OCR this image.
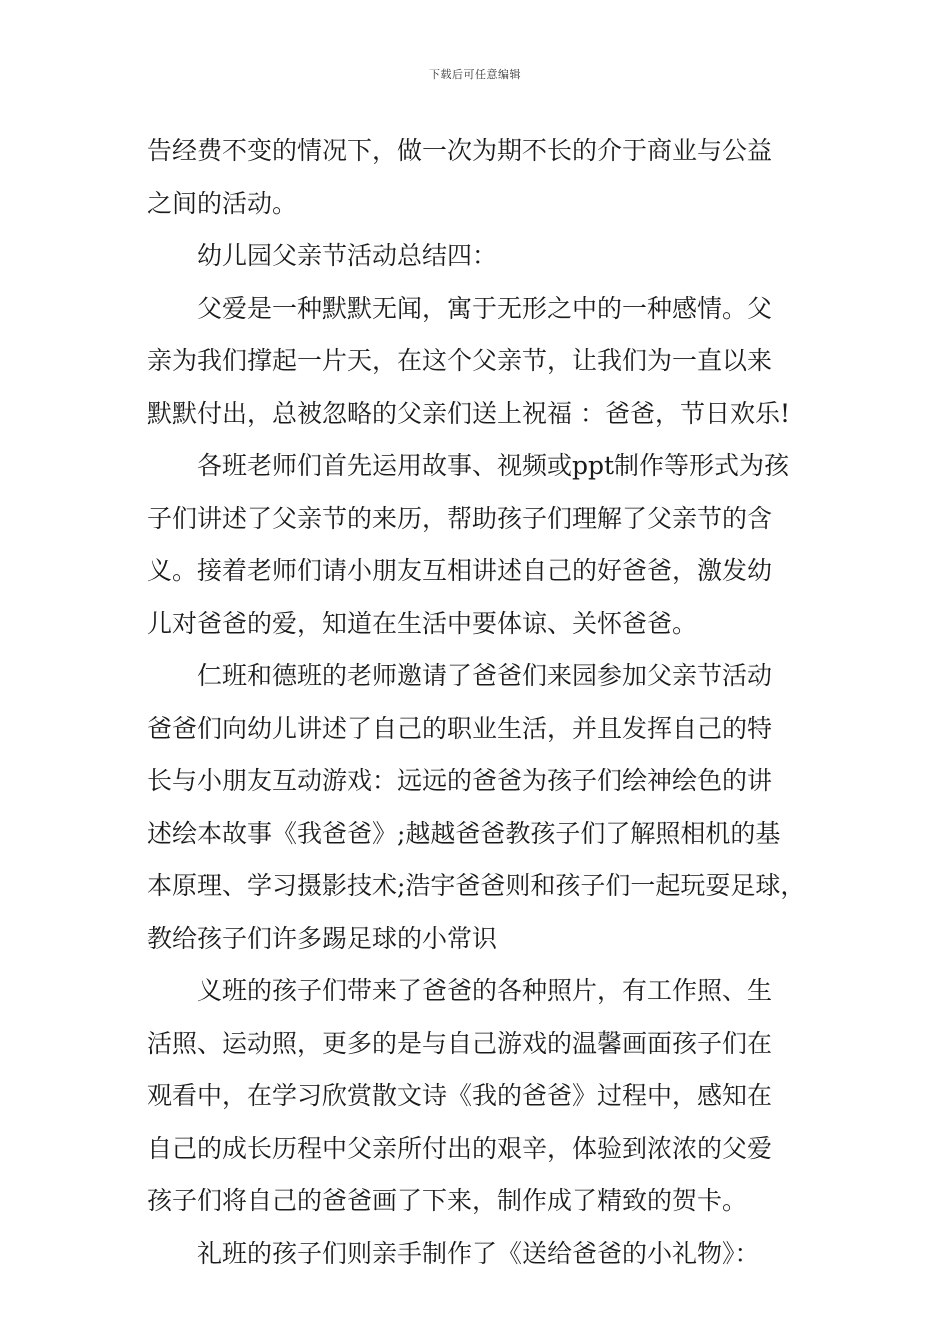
下载后可任意编辑
告经费不变的情况下，做一次为期不长的介于商业与公益
之间的活动。
幼儿园父亲节活动总结四：
父爱是一种默默无闻，寓于无形之中的一种感情。父
亲为我们撑起一片天，在这个父亲节，让我们为一直以来
默默付出，总被忽略的父亲们送上祝福 ：爸爸，节日欢乐!
各班老师们首先运用故事、视频或ppt制作等形式为孩
子们讲述了父亲节的来历，帮助孩子们理解了父亲节的含
义。接着老师们请小朋友互相讲述自己的好爸爸，激发幼
儿对爸爸的爱，知道在生活中要体谅、关怀爸爸。
仁班和德班的老师邀请了爸爸们来园参加父亲节活动
爸爸们向幼儿讲述了自己的职业生活，并且发挥自己的特
长与小朋友互动游戏：远远的爸爸为孩子们绘神绘色的讲
述绘本故事《我爸爸》;越越爸爸教孩子们了解照相机的基
本原理、学习摄影技术;浩宇爸爸则和孩子们一起玩耍足球，
教给孩子们许多踢足球的小常识
义班的孩子们带来了爸爸的各种照片，有工作照、生
活照、运动照，更多的是与自己游戏的温馨画面孩子们在
观看中，在学习欣赏散文诗《我的爸爸》过程中，感知在
自己的成长历程中父亲所付出的艰辛，体验到浓浓的父爱
孩子们将自己的爸爸画了下来，制作成了精致的贺卡。
礼班的孩子们则亲手制作了《送给爸爸的小礼物》：
